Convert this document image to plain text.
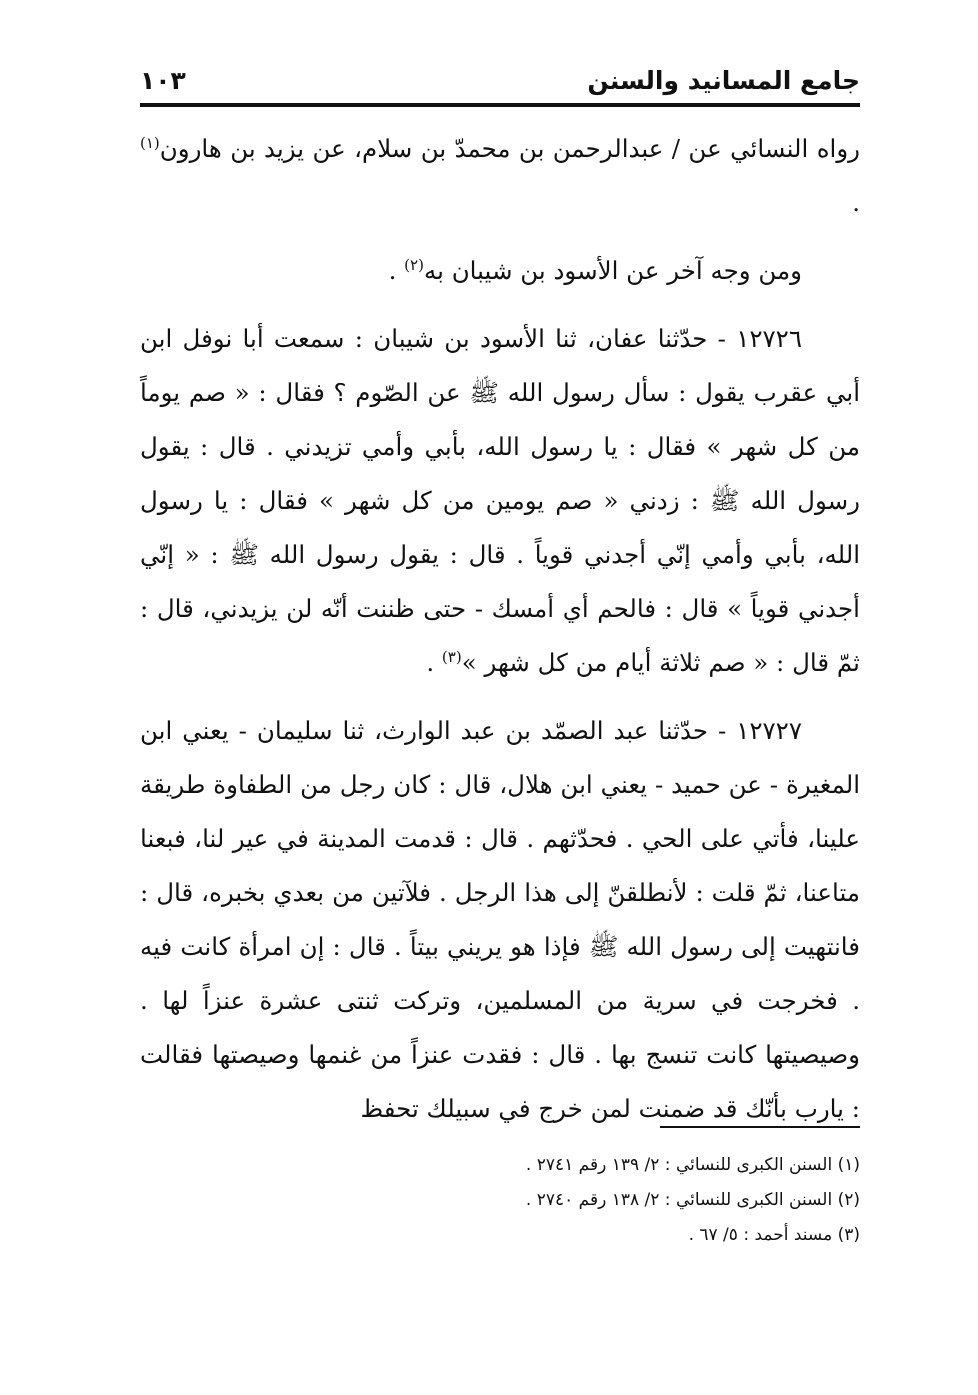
جامع المسانيد والسنن
١٠٣

رواه النسائي عن / عبدالرحمن بن محمدّ بن سلام، عن يزيد بن هارون$^{(١)}$ .

ومن وجه آخر عن الأسود بن شيبان به$^{(٢)}$ .

١٢٧٢٦ - حدّثنا عفان، ثنا الأسود بن شيبان : سمعت أبا نوفل ابن أبي عقرب يقول : سأل رسول الله ﷺ عن الصّوم ؟ فقال : « صم يوماً من كل شهر » فقال : يا رسول الله، بأبي وأمي تزيدني . قال : يقول رسول الله ﷺ : زدني « صم يومين من كل شهر » فقال : يا رسول الله، بأبي وأمي إنّي أجدني قوياً . قال : يقول رسول الله ﷺ : « إنّي أجدني قوياً » قال : فالحم أي أمسك - حتى ظننت أنّه لن يزيدني، قال : ثمّ قال : « صم ثلاثة أيام من كل شهر »$^{(٣)}$ .

١٢٧٢٧ - حدّثنا عبد الصمّد بن عبد الوارث، ثنا سليمان - يعني ابن المغيرة - عن حميد - يعني ابن هلال، قال : كان رجل من الطفاوة طريقة علينا، فأتي على الحي . فحدّثهم . قال : قدمت المدينة في عير لنا، فبعنا متاعنا، ثمّ قلت : لأنطلقنّ إلى هذا الرجل . فلآتين من بعدي بخبره، قال : فانتهيت إلى رسول الله ﷺ فإذا هو يريني بيتاً . قال : إن امرأة كانت فيه . فخرجت في سرية من المسلمين، وتركت ثنتى عشرة عنزاً لها . وصيصيتها كانت تنسج بها . قال : فقدت عنزاً من غنمها وصيصتها فقالت : يارب بأنّك قد ضمنت لمن خرج في سبيلك تحفظ

(١) السنن الكبرى للنسائي : ٢/ ١٣٩ رقم ٢٧٤١ .
(٢) السنن الكبرى للنسائي : ٢/ ١٣٨ رقم ٢٧٤٠ .
(٣) مسند أحمد : ٥/ ٦٧ .
